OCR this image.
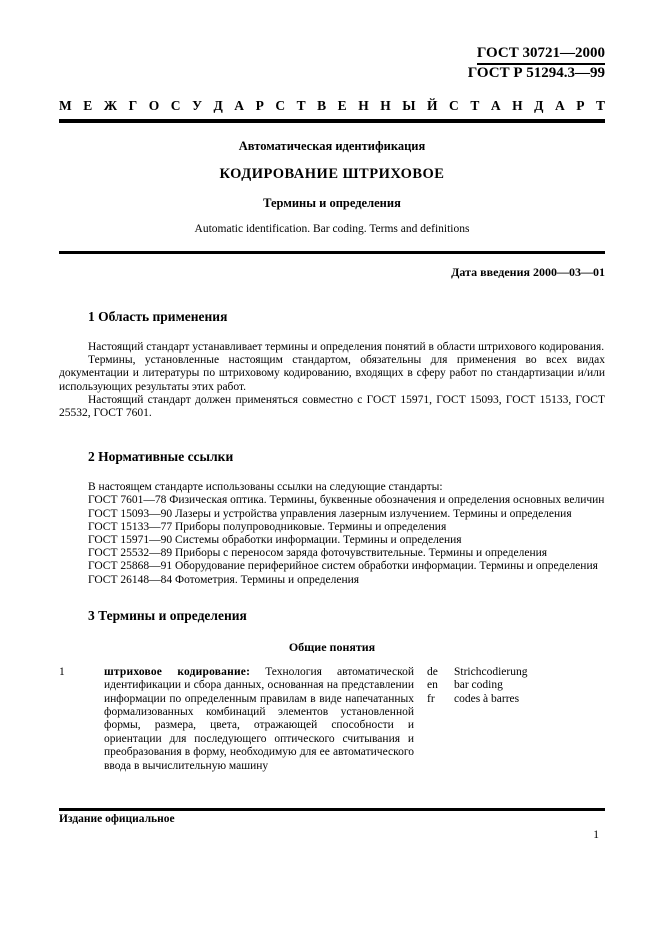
ГОСТ 30721—2000
ГОСТ Р 51294.3—99
М Е Ж Г О С У Д А Р С Т В Е Н Н Ы Й С Т А Н Д А Р Т
Автоматическая идентификация
КОДИРОВАНИЕ ШТРИХОВОЕ
Термины и определения
Automatic identification. Bar coding. Terms and definitions
Дата введения 2000—03—01
1 Область применения

Настоящий стандарт устанавливает термины и определения понятий в области штрихового кодирования.

Термины, установленные настоящим стандартом, обязательны для применения во всех видах документации и литературы по штриховому кодированию, входящих в сферу работ по стандартизации и/или использующих результаты этих работ.

Настоящий стандарт должен применяться совместно с ГОСТ 15971, ГОСТ 15093, ГОСТ 15133, ГОСТ 25532, ГОСТ 7601.

2 Нормативные ссылки

В настоящем стандарте использованы ссылки на следующие стандарты:

ГОСТ 7601—78 Физическая оптика. Термины, буквенные обозначения и определения основных величин

ГОСТ 15093—90 Лазеры и устройства управления лазерным излучением. Термины и определения

ГОСТ 15133—77 Приборы полупроводниковые. Термины и определения

ГОСТ 15971—90 Системы обработки информации. Термины и определения

ГОСТ 25532—89 Приборы с переносом заряда фоточувствительные. Термины и определения

ГОСТ 25868—91 Оборудование периферийное систем обработки информации. Термины и определения

ГОСТ 26148—84 Фотометрия. Термины и определения

3 Термины и определения
Общие понятия
1	штриховое кодирование: Технология автоматической идентификации и сбора данных, основанная на представлении информации по определенным правилам в виде напечатанных формализованных комбинаций элементов установленной формы, размера, цвета, отражающей способности и ориентации для последующего оптического считывания и преобразования в форму, необходимую для ее автоматического ввода в вычислительную машину
de	Strichcodierung
en	bar coding
fr	codes à barres
Издание официальное
1
